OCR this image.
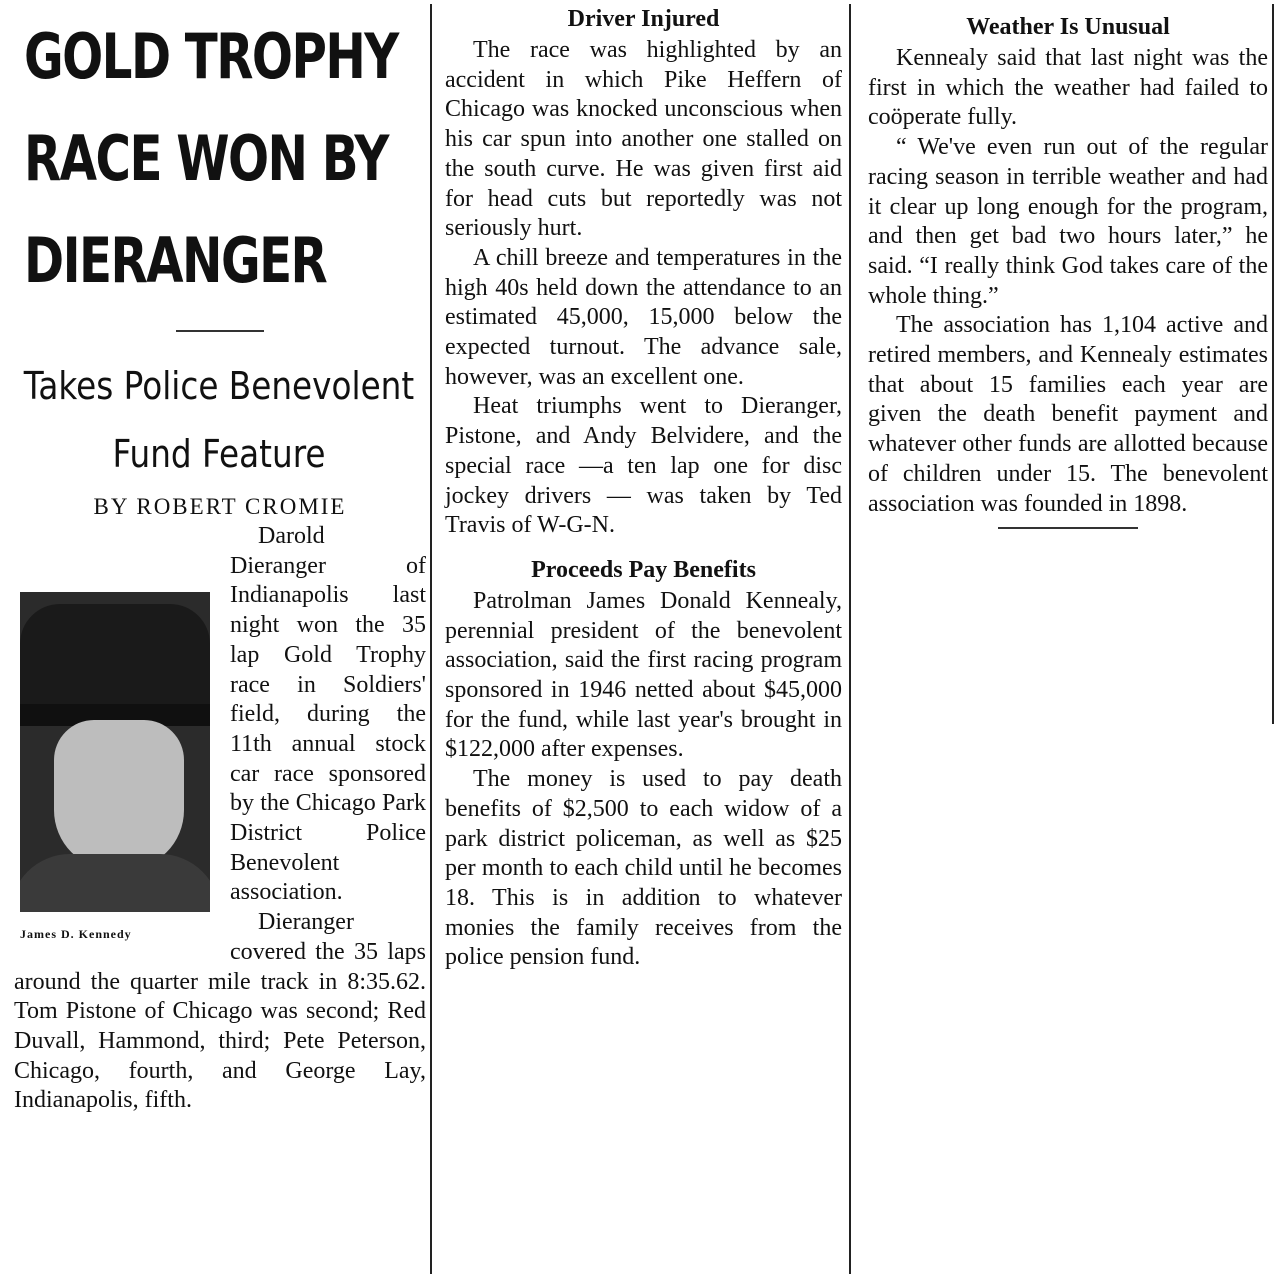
GOLD TROPHY
RACE WON BY
DIERANGER
Takes Police Benevolent
Fund Feature
BY ROBERT CROMIE
James D. Kennedy

Darold Dieranger of Indianapolis last night won the 35 lap Gold Trophy race in Soldiers' field, during the 11th annual stock car race sponsored by the Chicago Park District Police Benevolent association.

Dieranger covered the 35 laps around the quarter mile track in 8:35.62. Tom Pistone of Chicago was second; Red Duvall, Hammond, third; Pete Peterson, Chicago, fourth, and George Lay, Indianapolis, fifth.

Driver Injured

The race was highlighted by an accident in which Pike Heffern of Chicago was knocked unconscious when his car spun into another one stalled on the south curve. He was given first aid for head cuts but reportedly was not seriously hurt.

A chill breeze and temperatures in the high 40s held down the attendance to an estimated 45,000, 15,000 below the expected turnout. The advance sale, however, was an excellent one.

Heat triumphs went to Dieranger, Pistone, and Andy Belvidere, and the special race —a ten lap one for disc jockey drivers — was taken by Ted Travis of W-G-N.

Proceeds Pay Benefits

Patrolman James Donald Kennealy, perennial president of the benevolent association, said the first racing program sponsored in 1946 netted about $45,000 for the fund, while last year's brought in $122,000 after expenses.

The money is used to pay death benefits of $2,500 to each widow of a park district policeman, as well as $25 per month to each child until he becomes 18. This is in addition to whatever monies the family receives from the police pension fund.

Weather Is Unusual

Kennealy said that last night was the first in which the weather had failed to coöperate fully.

“ We've even run out of the regular racing season in terrible weather and had it clear up long enough for the program, and then get bad two hours later,” he said. “I really think God takes care of the whole thing.”

The association has 1,104 active and retired members, and Kennealy estimates that about 15 families each year are given the death benefit payment and whatever other funds are allotted because of children under 15. The benevolent association was founded in 1898.
